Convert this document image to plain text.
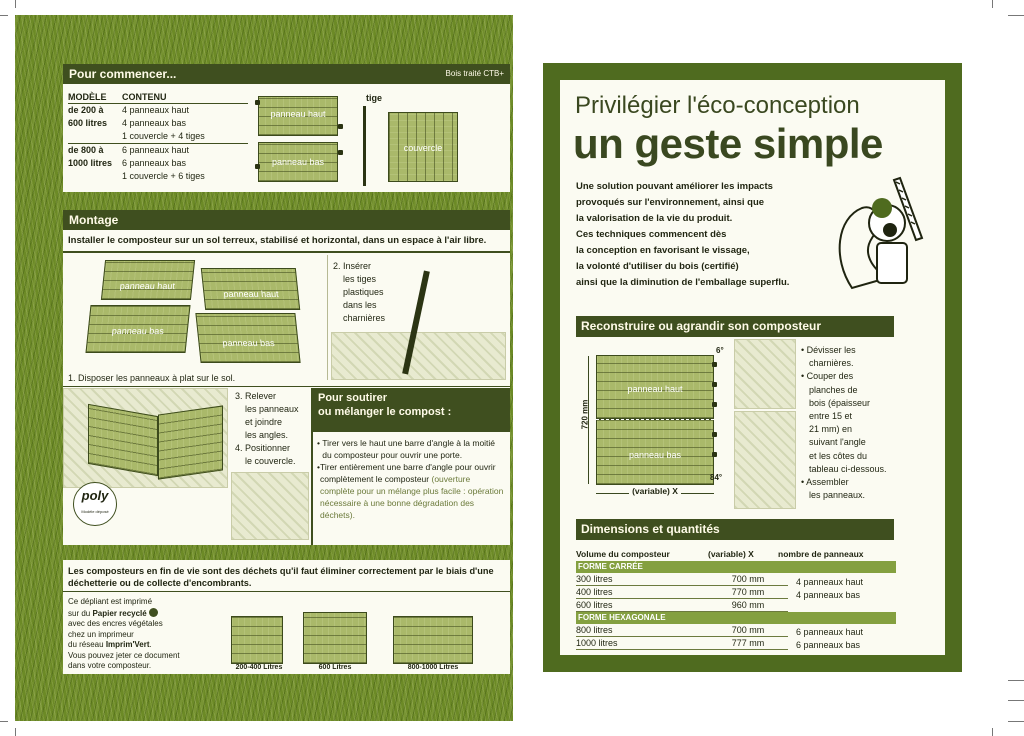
Pour commencer...	Bois traité CTB+
MODÈLE	CONTENU
de 200 à	4 panneaux haut
600 litres	4 panneaux bas
1 couvercle + 4 tiges
de 800 à	6 panneaux haut
1000 litres	6 panneaux bas
1 couvercle + 6 tiges
panneau haut
panneau bas
tige
couvercle
Montage
Installer le composteur sur un sol terreux, stabilisé et horizontal, dans un espace à l'air libre.
panneau haut
panneau haut
panneau bas
panneau bas
1. Disposer les panneaux à plat sur le sol.
2. Insérer
les tiges
plastiques
dans les
charnières
poly
Modèle déposé
3. Relever
les panneaux
et joindre
les angles.
4. Positionner
le couvercle.
Pour soutirer
ou mélanger le compost :
• Tirer vers le haut une barre d'angle à la moitié du composteur pour ouvrir une porte.
• Tirer entièrement une barre d'angle pour ouvrir complètement le composteur (ouverture complète pour un mélange plus facile : opération nécessaire à une bonne dégradation des déchets).
Les composteurs en fin de vie sont des déchets qu'il faut éliminer correctement par le biais d'une déchetterie ou de collecte d'encombrants.
Ce dépliant est imprimé
sur du Papier recyclé
avec des encres végétales
chez un imprimeur
du réseau Imprim'Vert.
Vous pouvez jeter ce document
dans votre composteur.	200-400 Litres	600 Litres	800-1000 Litres
Privilégier l'éco-conception
un geste simple
Une solution pouvant améliorer les impacts
provoqués sur l'environnement, ainsi que
la valorisation de la vie du produit.
Ces techniques commencent dès
la conception en favorisant le vissage,
la volonté d'utiliser du bois (certifié)
ainsi que la diminution de l'emballage superflu.
Reconstruire ou agrandir son composteur
720 mm
panneau haut
panneau bas
6°
84°
(variable) X
• Dévisser les
charnières.
• Couper des
planches de
bois (épaisseur
entre 15 et
21 mm) en
suivant l'angle
et les côtes du
tableau ci-dessous.
• Assembler
les panneaux.
Dimensions et quantités
Volume du composteur	(variable) X	nombre de panneaux
FORME CARRÉE
300 litres	700 mm
400 litres	770 mm
600 litres	960 mm
4 panneaux haut
4 panneaux bas
FORME HEXAGONALE
800 litres	700 mm
1000 litres	777 mm
6 panneaux haut
6 panneaux bas
